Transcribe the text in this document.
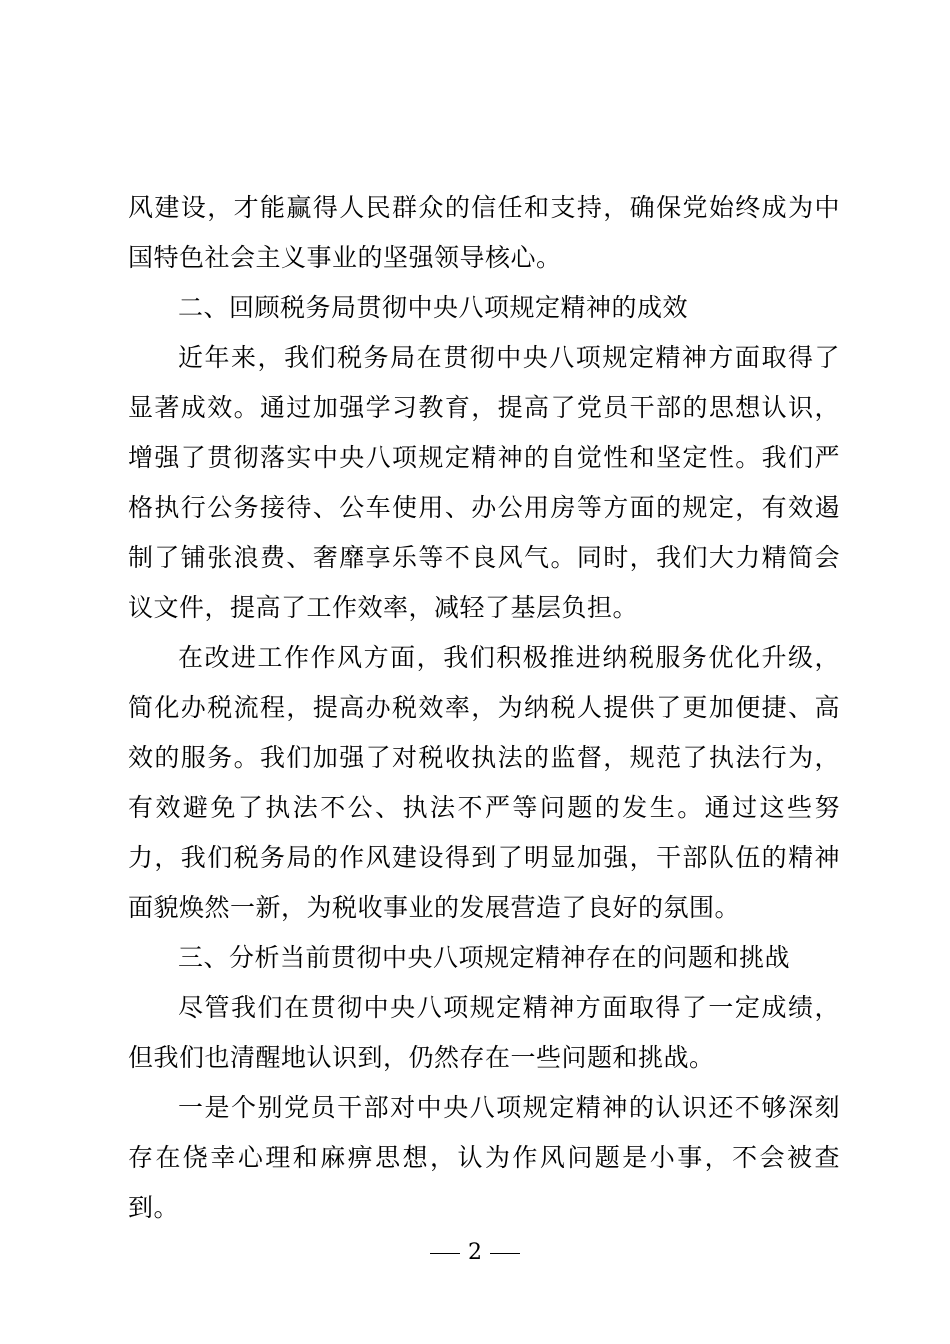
风建设，才能赢得人民群众的信任和支持，确保党始终成为中国特色社会主义事业的坚强领导核心。

二、回顾税务局贯彻中央八项规定精神的成效

近年来，我们税务局在贯彻中央八项规定精神方面取得了显著成效。通过加强学习教育，提高了党员干部的思想认识，增强了贯彻落实中央八项规定精神的自觉性和坚定性。我们严格执行公务接待、公车使用、办公用房等方面的规定，有效遏制了铺张浪费、奢靡享乐等不良风气。同时，我们大力精简会议文件，提高了工作效率，减轻了基层负担。

在改进工作作风方面，我们积极推进纳税服务优化升级，简化办税流程，提高办税效率，为纳税人提供了更加便捷、高效的服务。我们加强了对税收执法的监督，规范了执法行为，有效避免了执法不公、执法不严等问题的发生。通过这些努力，我们税务局的作风建设得到了明显加强，干部队伍的精神面貌焕然一新，为税收事业的发展营造了良好的氛围。

三、分析当前贯彻中央八项规定精神存在的问题和挑战

尽管我们在贯彻中央八项规定精神方面取得了一定成绩，但我们也清醒地认识到，仍然存在一些问题和挑战。

一是个别党员干部对中央八项规定精神的认识还不够深刻存在侥幸心理和麻痹思想，认为作风问题是小事，不会被查到。

2
